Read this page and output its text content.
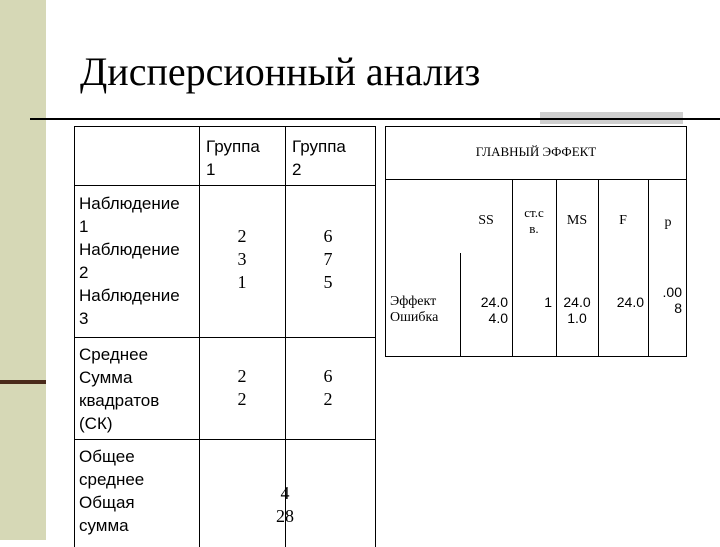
Дисперсионный анализ
Группа
1
Группа
2
Наблюдение
1
Наблюдение
2
Наблюдение
3
2
3
1
6
7
5
Среднее
Сумма
квадратов
(СК)
2
2
6
2
Общее
среднее
Общая
сумма
4
28
ГЛАВНЫЙ ЭФФЕКТ
SS
ст.с
в.
MS	F	p
Эффект
Ошибка
24.0
4.0
1 24.0
1.0
24.0
.00
8
